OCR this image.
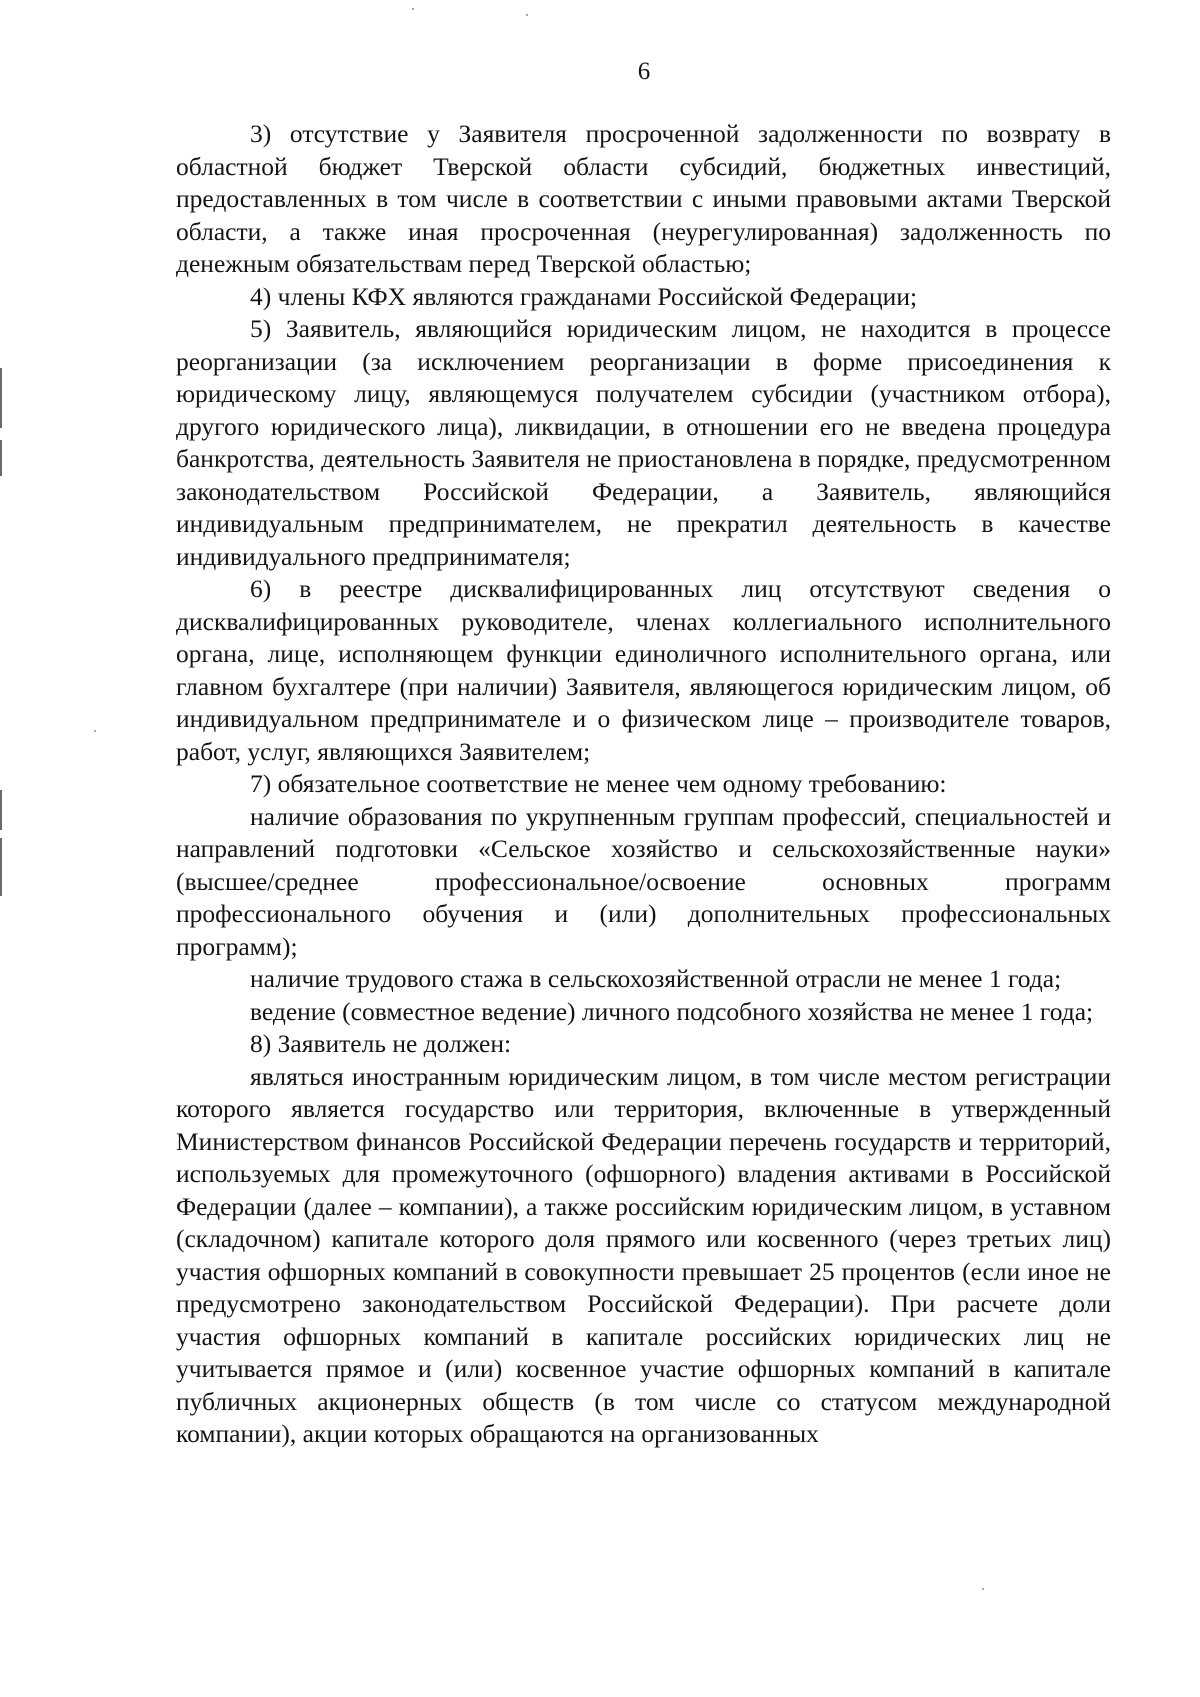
6

3) отсутствие у Заявителя просроченной задолженности по возврату в областной бюджет Тверской области субсидий, бюджетных инвестиций, предоставленных в том числе в соответствии с иными правовыми актами Тверской области, а также иная просроченная (неурегулированная) задолженность по денежным обязательствам перед Тверской областью;

4) члены КФХ являются гражданами Российской Федерации;

5) Заявитель, являющийся юридическим лицом, не находится в процессе реорганизации (за исключением реорганизации в форме присоединения к юридическому лицу, являющемуся получателем субсидии (участником отбора), другого юридического лица), ликвидации, в отношении его не введена процедура банкротства, деятельность Заявителя не приостановлена в порядке, предусмотренном законодательством Российской Федерации, а Заявитель, являющийся индивидуальным предпринимателем, не прекратил деятельность в качестве индивидуального предпринимателя;

6) в реестре дисквалифицированных лиц отсутствуют сведения о дисквалифицированных руководителе, членах коллегиального исполнительного органа, лице, исполняющем функции единоличного исполнительного органа, или главном бухгалтере (при наличии) Заявителя, являющегося юридическим лицом, об индивидуальном предпринимателе и о физическом лице – производителе товаров, работ, услуг, являющихся Заявителем;

7) обязательное соответствие не менее чем одному требованию:

наличие образования по укрупненным группам профессий, специальностей и направлений подготовки «Сельское хозяйство и сельскохозяйственные науки» (высшее/среднее профессиональное/освоение основных программ профессионального обучения и (или) дополнительных профессиональных программ);

наличие трудового стажа в сельскохозяйственной отрасли не менее 1 года;

ведение (совместное ведение) личного подсобного хозяйства не менее 1 года;

8) Заявитель не должен:

являться иностранным юридическим лицом, в том числе местом регистрации которого является государство или территория, включенные в утвержденный Министерством финансов Российской Федерации перечень государств и территорий, используемых для промежуточного (офшорного) владения активами в Российской Федерации (далее – компании), а также российским юридическим лицом, в уставном (складочном) капитале которого доля прямого или косвенного (через третьих лиц) участия офшорных компаний в совокупности превышает 25 процентов (если иное не предусмотрено законодательством Российской Федерации). При расчете доли участия офшорных компаний в капитале российских юридических лиц не учитывается прямое и (или) косвенное участие офшорных компаний в капитале публичных акционерных обществ (в том числе со статусом международной компании), акции которых обращаются на организованных
